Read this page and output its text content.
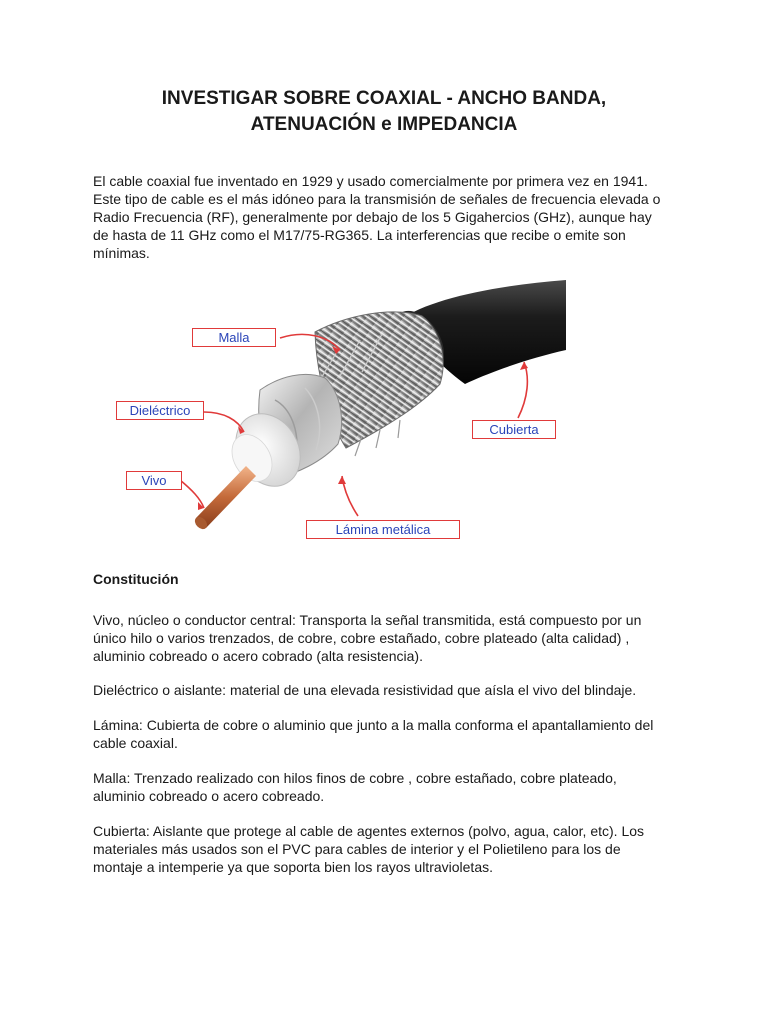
INVESTIGAR SOBRE COAXIAL - ANCHO BANDA,
ATENUACIÓN e IMPEDANCIA

El cable coaxial fue inventado en 1929 y usado comercialmente por primera vez en 1941.
Este tipo de cable es el más idóneo para la transmisión de señales de frecuencia elevada o
Radio Frecuencia (RF), generalmente por debajo de los 5 Gigahercios (GHz), aunque hay
de hasta de 11 GHz como el M17/75-RG365. La interferencias que recibe o emite son
mínimas.

Malla
Dieléctrico
Vivo
Cubierta
Lámina metálica
Constitución

Vivo, núcleo o conductor central: Transporta la señal transmitida, está compuesto por un
único hilo o varios trenzados, de cobre, cobre estañado, cobre plateado (alta calidad) ,
aluminio cobreado o acero cobrado (alta resistencia).

Dieléctrico o aislante: material de una elevada resistividad que aísla el vivo del blindaje.

Lámina: Cubierta de cobre o aluminio que junto a la malla conforma el apantallamiento del
cable coaxial.

Malla: Trenzado realizado con hilos finos de cobre , cobre estañado, cobre plateado,
aluminio cobreado o acero cobreado.

Cubierta: Aislante que protege al cable de agentes externos (polvo, agua, calor, etc). Los
materiales más usados son el PVC para cables de interior y el Polietileno para los de
montaje a intemperie ya que soporta bien los rayos ultravioletas.
